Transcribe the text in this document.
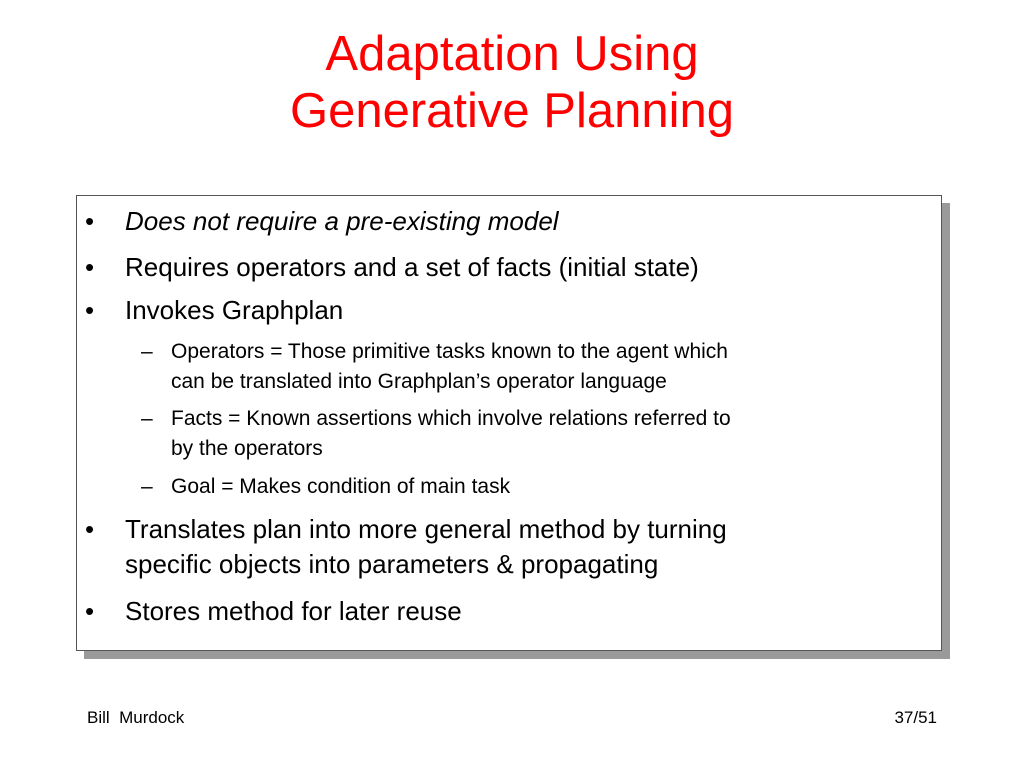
Adaptation Using
Generative Planning
•	Does not require a pre-existing model
•	Requires operators and a set of facts (initial state)
•	Invokes Graphplan
– Operators = Those primitive tasks known to the agent which
can be translated into Graphplan’s operator language
– Facts = Known assertions which involve relations referred to
by the operators
– Goal = Makes condition of main task
•	Translates plan into more general method by turning
specific objects into parameters & propagating
•	Stores method for later reuse
Bill  Murdock	37/51
